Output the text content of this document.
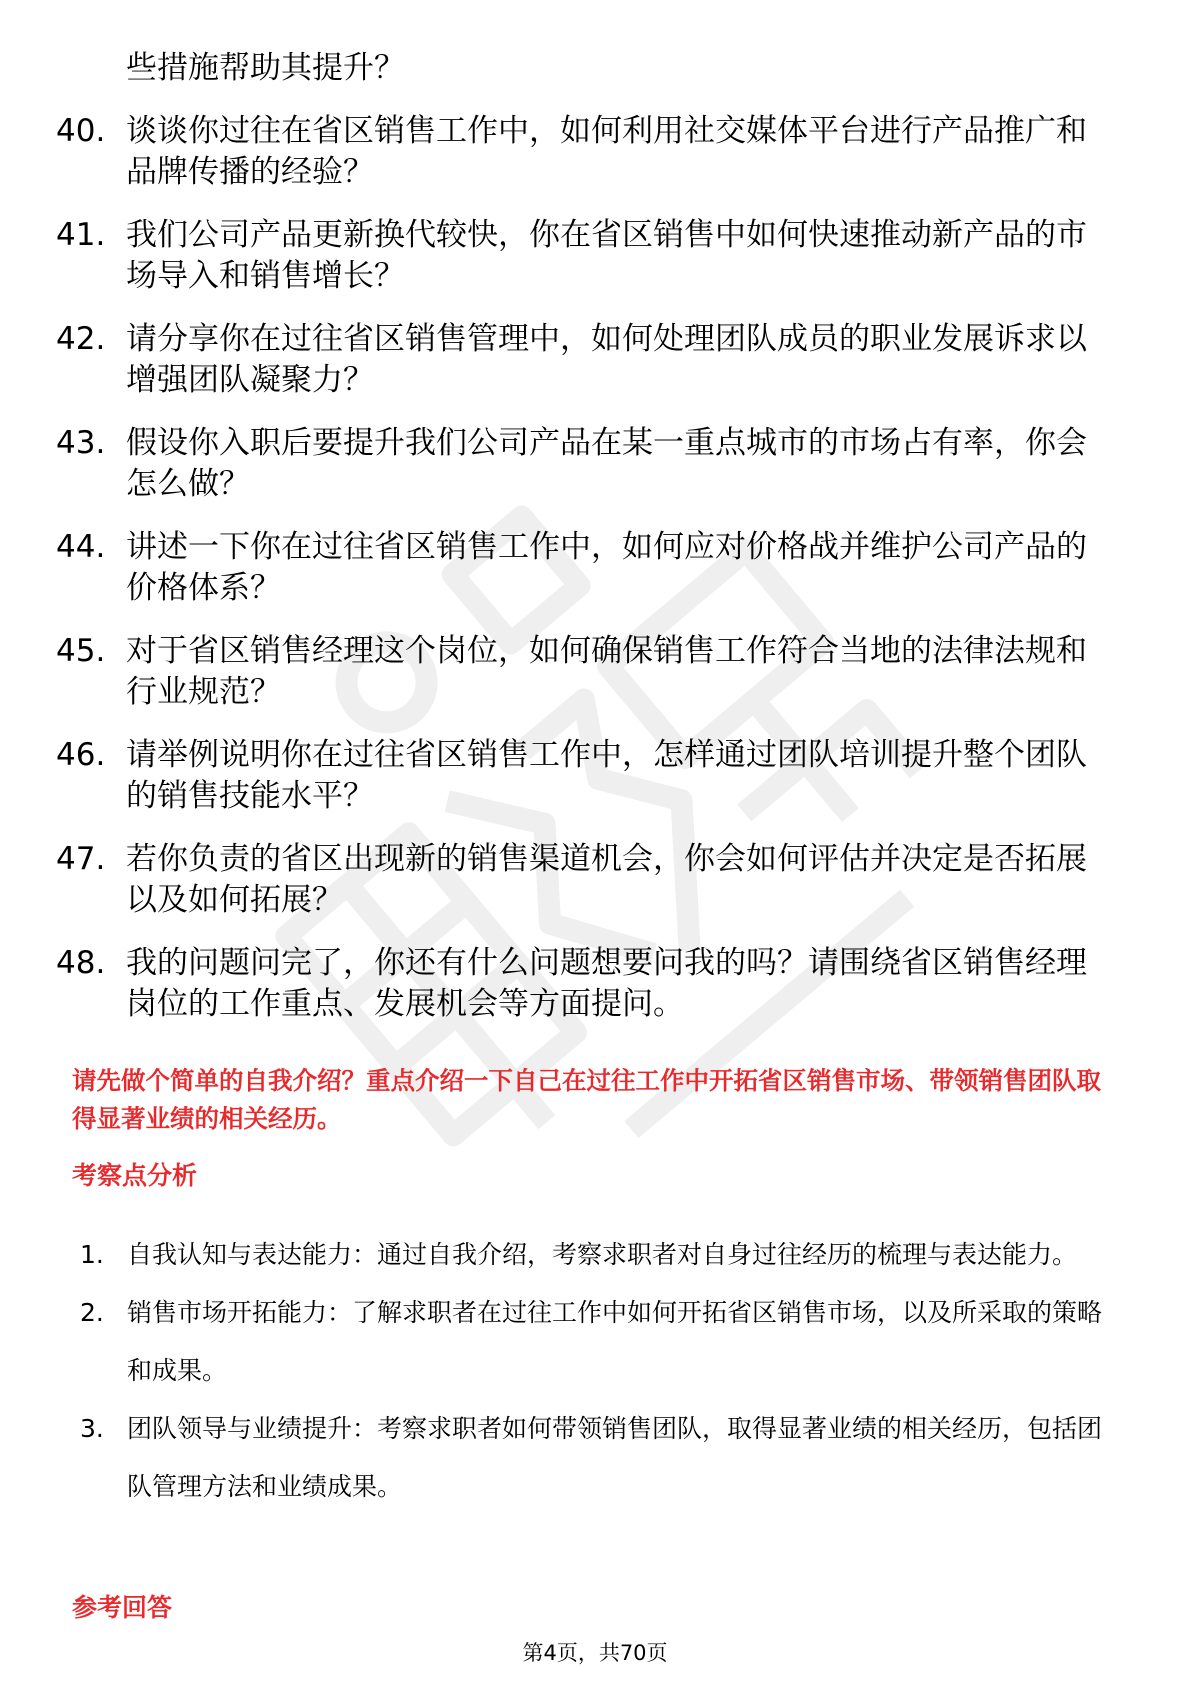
些措施帮助其提升？
40. 谈谈你过往在省区销售工作中，如何利用社交媒体平台进行产品推广和品牌传播的经验？
41. 我们公司产品更新换代较快，你在省区销售中如何快速推动新产品的市场导入和销售增长？
42. 请分享你在过往省区销售管理中，如何处理团队成员的职业发展诉求以增强团队凝聚力？
43. 假设你入职后要提升我们公司产品在某一重点城市的市场占有率，你会怎么做？
44. 讲述一下你在过往省区销售工作中，如何应对价格战并维护公司产品的价格体系？
45. 对于省区销售经理这个岗位，如何确保销售工作符合当地的法律法规和行业规范？
46. 请举例说明你在过往省区销售工作中，怎样通过团队培训提升整个团队的销售技能水平？
47. 若你负责的省区出现新的销售渠道机会，你会如何评估并决定是否拓展以及如何拓展？
48. 我的问题问完了，你还有什么问题想要问我的吗？请围绕省区销售经理岗位的工作重点、发展机会等方面提问。
请先做个简单的自我介绍？重点介绍一下自己在过往工作中开拓省区销售市场、带领销售团队取得显著业绩的相关经历。
考察点分析
1. 自我认知与表达能力：通过自我介绍，考察求职者对自身过往经历的梳理与表达能力。
2. 销售市场开拓能力：了解求职者在过往工作中如何开拓省区销售市场，以及所采取的策略和成果。
3. 团队领导与业绩提升：考察求职者如何带领销售团队，取得显著业绩的相关经历，包括团队管理方法和业绩成果。
参考回答
第4页，共70页
